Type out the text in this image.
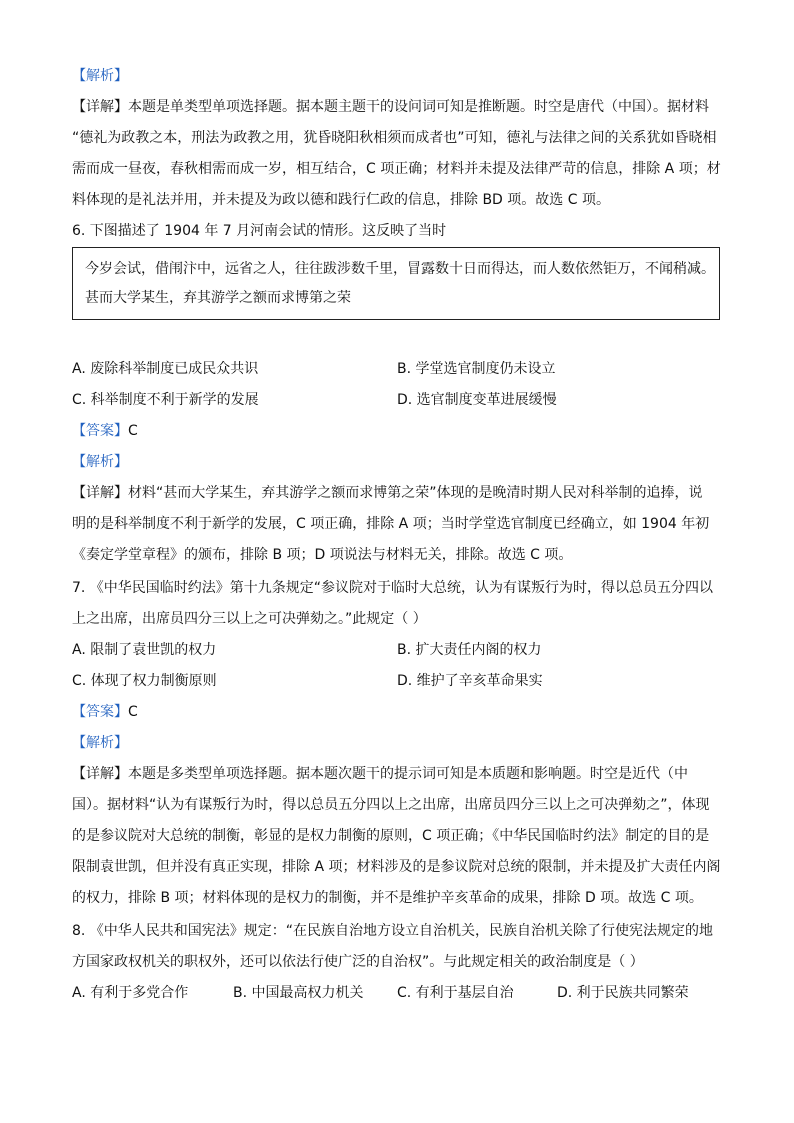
【解析】
【详解】本题是单类型单项选择题。据本题主题干的设问词可知是推断题。时空是唐代（中国）。据材料
“德礼为政教之本，刑法为政教之用，犹昏晓阳秋相须而成者也”可知，德礼与法律之间的关系犹如昏晓相
需而成一昼夜，春秋相需而成一岁，相互结合，C 项正确；材料并未提及法律严苛的信息，排除 A 项；材
料体现的是礼法并用，并未提及为政以德和践行仁政的信息，排除 BD 项。故选 C 项。
6. 下图描述了 1904 年 7 月河南会试的情形。这反映了当时
今岁会试，借闱汴中，远省之人，往往跋涉数千里，冒露数十日而得达，而人数依然钜万，不闻稍减。
甚而大学某生，弃其游学之额而求博第之荣
A. 废除科举制度已成民众共识	B. 学堂选官制度仍未设立
C. 科举制度不利于新学的发展	D. 选官制度变革进展缓慢
【答案】C
【解析】
【详解】材料“甚而大学某生，弃其游学之额而求博第之荣”体现的是晚清时期人民对科举制的追捧，说
明的是科举制度不利于新学的发展，C 项正确，排除 A 项；当时学堂选官制度已经确立，如 1904 年初
《奏定学堂章程》的颁布，排除 B 项；D 项说法与材料无关，排除。故选 C 项。
7. 《中华民国临时约法》第十九条规定“参议院对于临时大总统，认为有谋叛行为时，得以总员五分四以
上之出席，出席员四分三以上之可决弹劾之。”此规定（ ）
A. 限制了袁世凯的权力	B. 扩大责任内阁的权力
C. 体现了权力制衡原则	D. 维护了辛亥革命果实
【答案】C
【解析】
【详解】本题是多类型单项选择题。据本题次题干的提示词可知是本质题和影响题。时空是近代（中
国）。据材料“认为有谋叛行为时，得以总员五分四以上之出席，出席员四分三以上之可决弹劾之”，体现
的是参议院对大总统的制衡，彰显的是权力制衡的原则，C 项正确；《中华民国临时约法》制定的目的是
限制袁世凯，但并没有真正实现，排除 A 项；材料涉及的是参议院对总统的限制，并未提及扩大责任内阁
的权力，排除 B 项；材料体现的是权力的制衡，并不是维护辛亥革命的成果，排除 D 项。故选 C 项。
8. 《中华人民共和国宪法》规定：“在民族自治地方设立自治机关，民族自治机关除了行使宪法规定的地
方国家政权机关的职权外，还可以依法行使广泛的自治权”。与此规定相关的政治制度是（ ）
A. 有利于多党合作	B. 中国最高权力机关 C. 有利于基层自治	D. 利于民族共同繁荣
